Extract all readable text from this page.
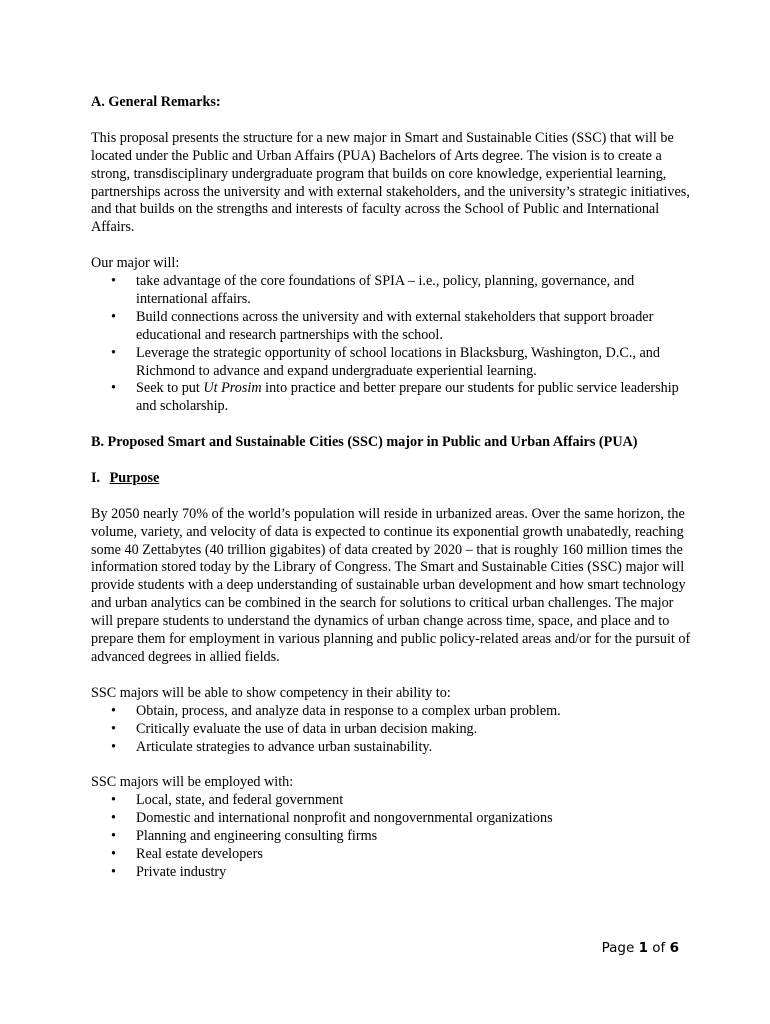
A. General Remarks:

This proposal presents the structure for a new major in Smart and Sustainable Cities (SSC) that will be located under the Public and Urban Affairs (PUA) Bachelors of Arts degree. The vision is to create a strong, transdisciplinary undergraduate program that builds on core knowledge, experiential learning, partnerships across the university and with external stakeholders, and the university’s strategic initiatives, and that builds on the strengths and interests of faculty across the School of Public and International Affairs.

Our major will:

• take advantage of the core foundations of SPIA – i.e., policy, planning, governance, and international affairs.
• Build connections across the university and with external stakeholders that support broader educational and research partnerships with the school.
• Leverage the strategic opportunity of school locations in Blacksburg, Washington, D.C., and Richmond to advance and expand undergraduate experiential learning.
• Seek to put Ut Prosim into practice and better prepare our students for public service leadership and scholarship.

B. Proposed Smart and Sustainable Cities (SSC) major in Public and Urban Affairs (PUA)

I. Purpose

By 2050 nearly 70% of the world’s population will reside in urbanized areas. Over the same horizon, the volume, variety, and velocity of data is expected to continue its exponential growth unabatedly, reaching some 40 Zettabytes (40 trillion gigabites) of data created by 2020 – that is roughly 160 million times the information stored today by the Library of Congress. The Smart and Sustainable Cities (SSC) major will provide students with a deep understanding of sustainable urban development and how smart technology and urban analytics can be combined in the search for solutions to critical urban challenges. The major will prepare students to understand the dynamics of urban change across time, space, and place and to prepare them for employment in various planning and public policy-related areas and/or for the pursuit of advanced degrees in allied fields.

SSC majors will be able to show competency in their ability to:

• Obtain, process, and analyze data in response to a complex urban problem.
• Critically evaluate the use of data in urban decision making.
• Articulate strategies to advance urban sustainability.

SSC majors will be employed with:

• Local, state, and federal government
• Domestic and international nonprofit and nongovernmental organizations
• Planning and engineering consulting firms
• Real estate developers
• Private industry
Page 1 of 6
